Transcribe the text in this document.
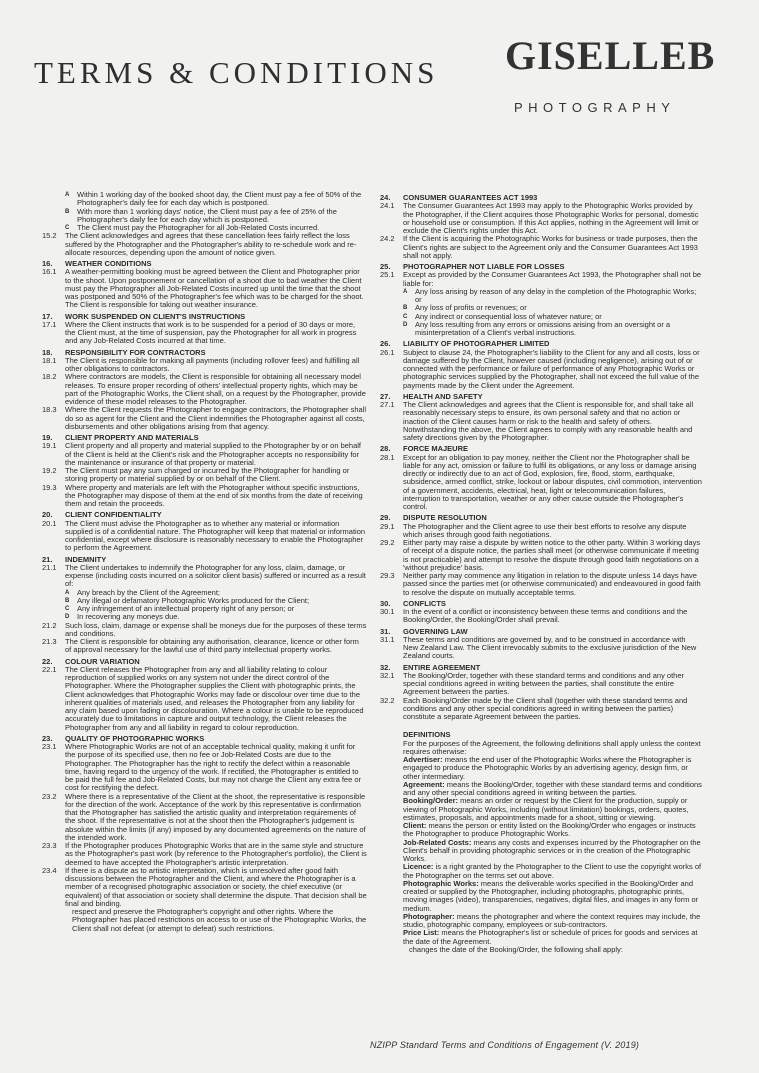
TERMS & CONDITIONS GISELLEB
PHOTOGRAPHY
A	Within 1 working day of the booked shoot day, the Client must pay a fee of 50% of the Photographer's daily fee for each day which is postponed.
B	With more than 1 working days' notice, the Client must pay a fee of 25% of the Photographer's daily fee for each day which is postponed.
C	The Client must pay the Photographer for all Job-Related Costs incurred.
15.2	The Client acknowledges and agrees that these cancellation fees fairly reflect the loss suffered by the Photographer and the Photographer's ability to re-schedule work and re-allocate resources, depending upon the amount of notice given.
16.	WEATHER CONDITIONS
16.1	A weather-permitting booking must be agreed between the Client and Photographer prior to the shoot. Upon postponement or cancellation of a shoot due to bad weather the Client must pay the Photographer all Job-Related Costs incurred up until the time that the shoot was postponed and 50% of the Photographer's fee which was to be charged for the shoot. The Client is responsible for taking out weather insurance.
17.	WORK SUSPENDED ON CLIENT'S INSTRUCTIONS
17.1	Where the Client instructs that work is to be suspended for a period of 30 days or more, the Client must, at the time of suspension, pay the Photographer for all work in progress and any Job-Related Costs incurred at that time.
18.	RESPONSIBILITY FOR CONTRACTORS
18.1	The Client is responsible for making all payments (including rollover fees) and fulfilling all other obligations to contractors.
18.2	Where contractors are models, the Client is responsible for obtaining all necessary model releases. To ensure proper recording of others' intellectual property rights, which may be part of the Photographic Works, the Client shall, on a request by the Photographer, provide evidence of these model releases to the Photographer.
18.3	Where the Client requests the Photographer to engage contractors, the Photographer shall do so as agent for the Client and the Client indemnifies the Photographer against all costs, disbursements and other obligations arising from that agency.
19.	CLIENT PROPERTY AND MATERIALS
19.1	Client property and all property and material supplied to the Photographer by or on behalf of the Client is held at the Client's risk and the Photographer accepts no responsibility for the maintenance or insurance of that property or material.
19.2	The Client must pay any sum charged or incurred by the Photographer for handling or storing property or material supplied by or on behalf of the Client.
19.3	Where property and materials are left with the Photographer without specific instructions, the Photographer may dispose of them at the end of six months from the date of receiving them and retain the proceeds.
20.	CLIENT CONFIDENTIALITY
20.1	The Client must advise the Photographer as to whether any material or information supplied is of a confidential nature. The Photographer will keep that material or information confidential, except where disclosure is reasonably necessary to enable the Photographer to perform the Agreement.
21.	INDEMNITY
21.1	The Client undertakes to indemnify the Photographer for any loss, claim, damage, or expense (including costs incurred on a solicitor client basis) suffered or incurred as a result of:
A	Any breach by the Client of the Agreement;
B	Any illegal or defamatory Photographic Works produced for the Client;
C	Any infringement of an intellectual property right of any person; or
D	In recovering any moneys due.
21.2	Such loss, claim, damage or expense shall be moneys due for the purposes of these terms and conditions.
21.3	The Client is responsible for obtaining any authorisation, clearance, licence or other form of approval necessary for the lawful use of third party intellectual property works.
22.	COLOUR VARIATION
22.1	The Client releases the Photographer from any and all liability relating to colour reproduction of supplied works on any system not under the direct control of the Photographer. Where the Photographer supplies the Client with photographic prints, the Client acknowledges that Photographic Works may fade or discolour over time due to the inherent qualities of materials used, and releases the Photographer from any liability for any claim based upon fading or discolouration. Where a colour is unable to be reproduced accurately due to limitations in capture and output technology, the Client releases the Photographer from any and all liability in regard to colour reproduction.
23.	QUALITY OF PHOTOGRAPHIC WORKS
23.1	Where Photographic Works are not of an acceptable technical quality, making it unfit for the purpose of its specified use, then no fee or Job-Related Costs are due to the Photographer. The Photographer has the right to rectify the defect within a reasonable time, having regard to the urgency of the work. If rectified, the Photographer is entitled to be paid the full fee and Job-Related Costs, but may not charge the Client any extra fee or cost for rectifying the defect.
23.2	Where there is a representative of the Client at the shoot, the representative is responsible for the direction of the work. Acceptance of the work by this representative is confirmation that the Photographer has satisfied the artistic quality and interpretation requirements of the shoot. If the representative is not at the shoot then the Photographer's judgement is absolute within the limits (if any) imposed by any documented agreements on the nature of the intended work.
23.3	If the Photographer produces Photographic Works that are in the same style and structure as the Photographer's past work (by reference to the Photographer's portfolio), the Client is deemed to have accepted the Photographer's artistic interpretation.
23.4	If there is a dispute as to artistic interpretation, which is unresolved after good faith discussions between the Photographer and the Client, and where the Photographer is a member of a recognised photographic association or society, the chief executive (or equivalent) of that association or society shall determine the dispute. That decision shall be final and binding.
respect and preserve the Photographer's copyright and other rights. Where the Photographer has placed restrictions on access to or use of the Photographic Works, the Client shall not defeat (or attempt to defeat) such restrictions.
24.	CONSUMER GUARANTEES ACT 1993
24.1	The Consumer Guarantees Act 1993 may apply to the Photographic Works provided by the Photographer, if the Client acquires those Photographic Works for personal, domestic or household use or consumption. If this Act applies, nothing in the Agreement will limit or exclude the Client's rights under this Act.
24.2	If the Client is acquiring the Photographic Works for business or trade purposes, then the Client's rights are subject to the Agreement only and the Consumer Guarantees Act 1993 shall not apply.
25.	PHOTOGRAPHER NOT LIABLE FOR LOSSES
25.1	Except as provided by the Consumer Guarantees Act 1993, the Photographer shall not be liable for:
A	Any loss arising by reason of any delay in the completion of the Photographic Works; or
B	Any loss of profits or revenues; or
C	Any indirect or consequential loss of whatever nature; or
D	Any loss resulting from any errors or omissions arising from an oversight or a misinterpretation of a Client's verbal instructions.
26.	LIABILITY OF PHOTOGRAPHER LIMITED
26.1	Subject to clause 24, the Photographer's liability to the Client for any and all costs, loss or damage suffered by the Client, however caused (including negligence), arising out of or connected with the performance or failure of performance of any Photographic Works or photographic services supplied by the Photographer, shall not exceed the full value of the payments made by the Client under the Agreement.
27.	HEALTH AND SAFETY
27.1	The Client acknowledges and agrees that the Client is responsible for, and shall take all reasonably necessary steps to ensure, its own personal safety and that no action or inaction of the Client causes harm or risk to the health and safety of others. Notwithstanding the above, the Client agrees to comply with any reasonable health and safety directions given by the Photographer.
28.	FORCE MAJEURE
28.1	Except for an obligation to pay money, neither the Client nor the Photographer shall be liable for any act, omission or failure to fulfil its obligations, or any loss or damage arising directly or indirectly due to an act of God, explosion, fire, flood, storm, earthquake, subsidence, armed conflict, strike, lockout or labour disputes, civil commotion, intervention of a government, accidents, electrical, heat, light or telecommunication failures, interruption to transportation, weather or any other cause outside the Photographer's control.
29.	DISPUTE RESOLUTION
29.1	The Photographer and the Client agree to use their best efforts to resolve any dispute which arises through good faith negotiations.
29.2	Either party may raise a dispute by written notice to the other party. Within 3 working days of receipt of a dispute notice, the parties shall meet (or otherwise communicate if meeting is not practicable) and attempt to resolve the dispute through good faith negotiations on a 'without prejudice' basis.
29.3	Neither party may commence any litigation in relation to the dispute unless 14 days have passed since the parties met (or otherwise communicated) and endeavoured in good faith to resolve the dispute on mutually acceptable terms.
30.	CONFLICTS
30.1	In the event of a conflict or inconsistency between these terms and conditions and the Booking/Order, the Booking/Order shall prevail.
31.	GOVERNING LAW
31.1	These terms and conditions are governed by, and to be construed in accordance with New Zealand Law. The Client irrevocably submits to the exclusive jurisdiction of the New Zealand courts.
32.	ENTIRE AGREEMENT
32.1	The Booking/Order, together with these standard terms and conditions and any other special conditions agreed in writing between the parties, shall constitute the entire Agreement between the parties.
32.2	Each Booking/Order made by the Client shall (together with these standard terms and conditions and any other special conditions agreed in writing between the parties) constitute a separate Agreement between the parties.
DEFINITIONS
For the purposes of the Agreement, the following definitions shall apply unless the context requires otherwise:
Advertiser: means the end user of the Photographic Works where the Photographer is engaged to produce the Photographic Works by an advertising agency, design firm, or other intermediary.
Agreement: means the Booking/Order, together with these standard terms and conditions and any other special conditions agreed in writing between the parties.
Booking/Order: means an order or request by the Client for the production, supply or viewing of Photographic Works, including (without limitation) bookings, orders, quotes, estimates, proposals, and appointments made for a shoot, sitting or viewing.
Client: means the person or entity listed on the Booking/Order who engages or instructs the Photographer to produce Photographic Works.
Job-Related Costs: means any costs and expenses incurred by the Photographer on the Client's behalf in providing photographic services or in the creation of the Photographic Works.
Licence: is a right granted by the Photographer to the Client to use the copyright works of the Photographer on the terms set out above.
Photographic Works: means the deliverable works specified in the Booking/Order and created or supplied by the Photographer, including photographs, photographic prints, moving images (video), transparencies, negatives, digital files, and images in any form or medium.
Photographer: means the photographer and where the context requires may include, the studio, photographic company, employees or sub-contractors.
Price List: means the Photographer's list or schedule of prices for goods and services at the date of the Agreement.
changes the date of the Booking/Order, the following shall apply:
NZIPP Standard Terms and Conditions of Engagement (V. 2019)
